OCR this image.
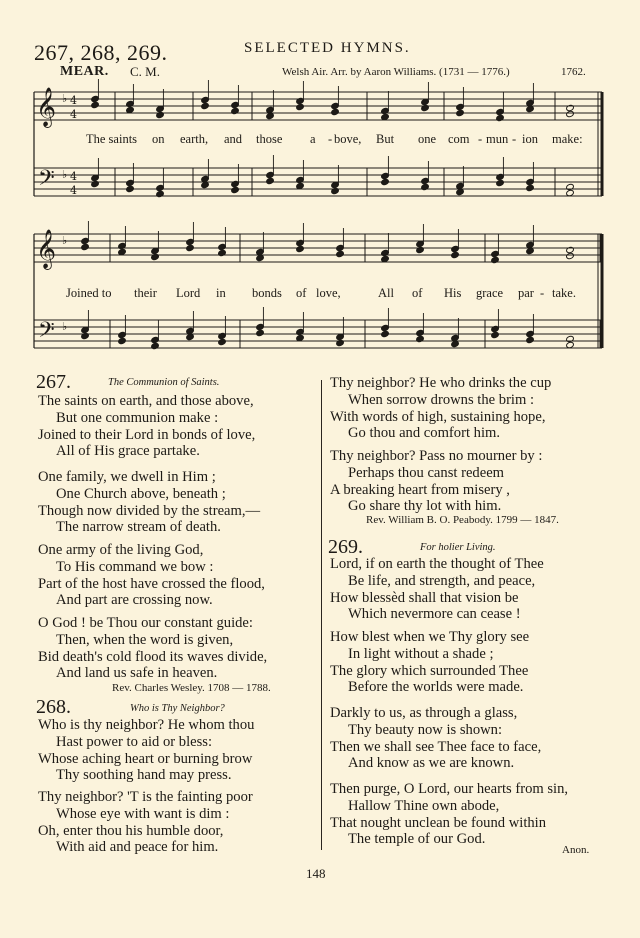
267, 268, 269.	SELECTED HYMNS.
MEAR. C. M.	Welsh Air. Arr. by Aaron Williams. (1731 — 1776.)	1762.
𝄞 ♭ 4
4
𝄢 ♭ 4
4
𝄞 ♭
𝄢 ♭
The saints on earth, and those a - bove, But one com - mun - ion make:
Joined to their Lord in bonds of love,	All of His grace par - take.
267.	The Communion of Saints.
The saints on earth, and those above,
But one communion make :
Joined to their Lord in bonds of love,
All of His grace partake.
One family, we dwell in Him ;
One Church above, beneath ;
Though now divided by the stream,—
The narrow stream of death.
One army of the living God,
To His command we bow :
Part of the host have crossed the flood,
And part are crossing now.
O God ! be Thou our constant guide:
Then, when the word is given,
Bid death's cold flood its waves divide,
And land us safe in heaven.
Rev. Charles Wesley. 1708 — 1788.
268.	Who is Thy Neighbor?
Who is thy neighbor? He whom thou
Hast power to aid or bless:
Whose aching heart or burning brow
Thy soothing hand may press.
Thy neighbor? 'T is the fainting poor
Whose eye with want is dim :
Oh, enter thou his humble door,
With aid and peace for him.
Thy neighbor? He who drinks the cup
When sorrow drowns the brim :
With words of high, sustaining hope,
Go thou and comfort him.
Thy neighbor? Pass no mourner by :
Perhaps thou canst redeem
A breaking heart from misery ,
Go share thy lot with him.
Rev. William B. O. Peabody. 1799 — 1847.
269.	For holier Living.
Lord, if on earth the thought of Thee
Be life, and strength, and peace,
How blessèd shall that vision be
Which nevermore can cease !
How blest when we Thy glory see
In light without a shade ;
The glory which surrounded Thee
Before the worlds were made.
Darkly to us, as through a glass,
Thy beauty now is shown:
Then we shall see Thee face to face,
And know as we are known.
Then purge, O Lord, our hearts from sin,
Hallow Thine own abode,
That nought unclean be found within
The temple of our God.
Anon.
148
